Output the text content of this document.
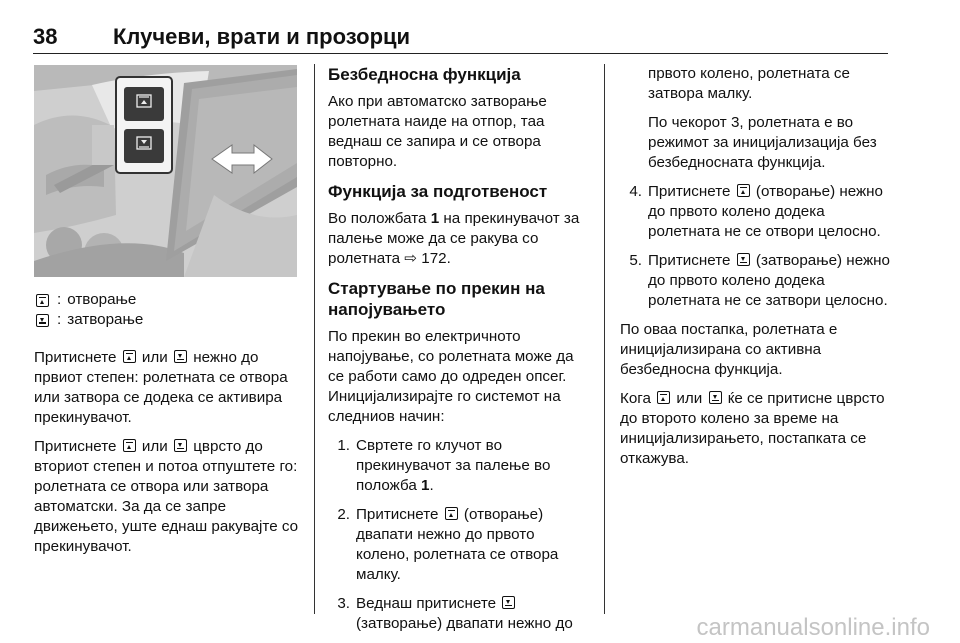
38	Клучеви, врати и прозорци
: отворање
: затворање

Притиснете или нежно до првиот степен: ролетната се отвора или затвора се додека се активира прекинувачот.

Притиснете или цврсто до вториот степен и потоа отпуштете го: ролетната се отвора или затвора автоматски. За да се запре движењето, уште еднаш ракувајте со прекинувачот.

Безбедносна функција

Ако при автоматско затворање ролетната наиде на отпор, таа веднаш се запира и се отвора повторно.

Функција за подготвеност

Во положбата 1 на прекинувачот за палење може да се ракува со ролетната ⇨ 172.

Стартување по прекин на напојувањето

По прекин во електричното напојување, со ролетната може да се работи само до одреден опсег. Иницијализирајте го системот на следниов начин:

1. Свртете го клучот во прекинувачот за палење во положба 1.
2. Притиснете (отворање) двапати нежно до првото колено, ролетната се отвора малку.
3. Веднаш притиснете  (затворање) двапати нежно до

првото колено, ролетната се затвора малку.

По чекорот 3, ролетната е во режимот за иницијализација без безбедносната функција.

4. Притиснете (отворање) нежно до првото колено додека ролетната не се отвори целосно.
5. Притиснете (затворање) нежно до првото колено додека ролетната не се затвори целосно.

По оваа постапка, ролетната е иницијализирана со активна безбедносна функција.

Кога или ќе се притисне цврсто до второто колено за време на иницијализирањето, постапката се откажува.

carmanualsonline.info
